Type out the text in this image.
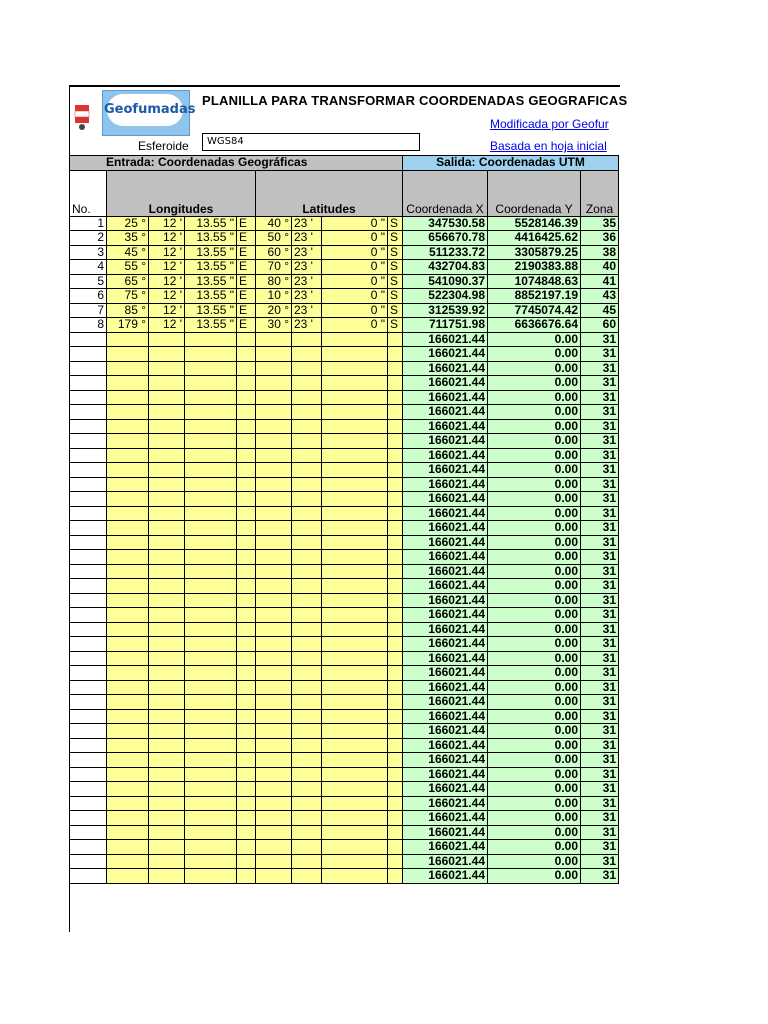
Geofumadas
PLANILLA PARA TRANSFORMAR COORDENADAS GEOGRAFICAS
Modificada por Geofur
Basada en hoja inicial
Esferoide	WGS84
Entrada: Coordenadas Geográficas									Salida: Coordenadas UTM		
No.	Longitudes				Latitudes				Coordenada X	Coordenada Y	Zona
1	25 °	12 '	13.55 "	E	40 °	23 '	0 "	S	347530.58	5528146.39	35
2	35 °	12 '	13.55 "	E	50 °	23 '	0 "	S	656670.78	4416425.62	36
3	45 °	12 '	13.55 "	E	60 °	23 '	0 "	S	511233.72	3305879.25	38
4	55 °	12 '	13.55 "	E	70 °	23 '	0 "	S	432704.83	2190383.88	40
5	65 °	12 '	13.55 "	E	80 °	23 '	0 "	S	541090.37	1074848.63	41
6	75 °	12 '	13.55 "	E	10 °	23 '	0 "	S	522304.98	8852197.19	43
7	85 °	12 '	13.55 "	E	20 °	23 '	0 "	S	312539.92	7745074.42	45
8	179 °	12 '	13.55 "	E	30 °	23 '	0 "	S	711751.98	6636676.64	60
									166021.44	0.00	31
									166021.44	0.00	31
									166021.44	0.00	31
									166021.44	0.00	31
									166021.44	0.00	31
									166021.44	0.00	31
									166021.44	0.00	31
									166021.44	0.00	31
									166021.44	0.00	31
									166021.44	0.00	31
									166021.44	0.00	31
									166021.44	0.00	31
									166021.44	0.00	31
									166021.44	0.00	31
									166021.44	0.00	31
									166021.44	0.00	31
									166021.44	0.00	31
									166021.44	0.00	31
									166021.44	0.00	31
									166021.44	0.00	31
									166021.44	0.00	31
									166021.44	0.00	31
									166021.44	0.00	31
									166021.44	0.00	31
									166021.44	0.00	31
									166021.44	0.00	31
									166021.44	0.00	31
									166021.44	0.00	31
									166021.44	0.00	31
									166021.44	0.00	31
									166021.44	0.00	31
									166021.44	0.00	31
									166021.44	0.00	31
									166021.44	0.00	31
									166021.44	0.00	31
									166021.44	0.00	31
									166021.44	0.00	31
									166021.44	0.00	31
